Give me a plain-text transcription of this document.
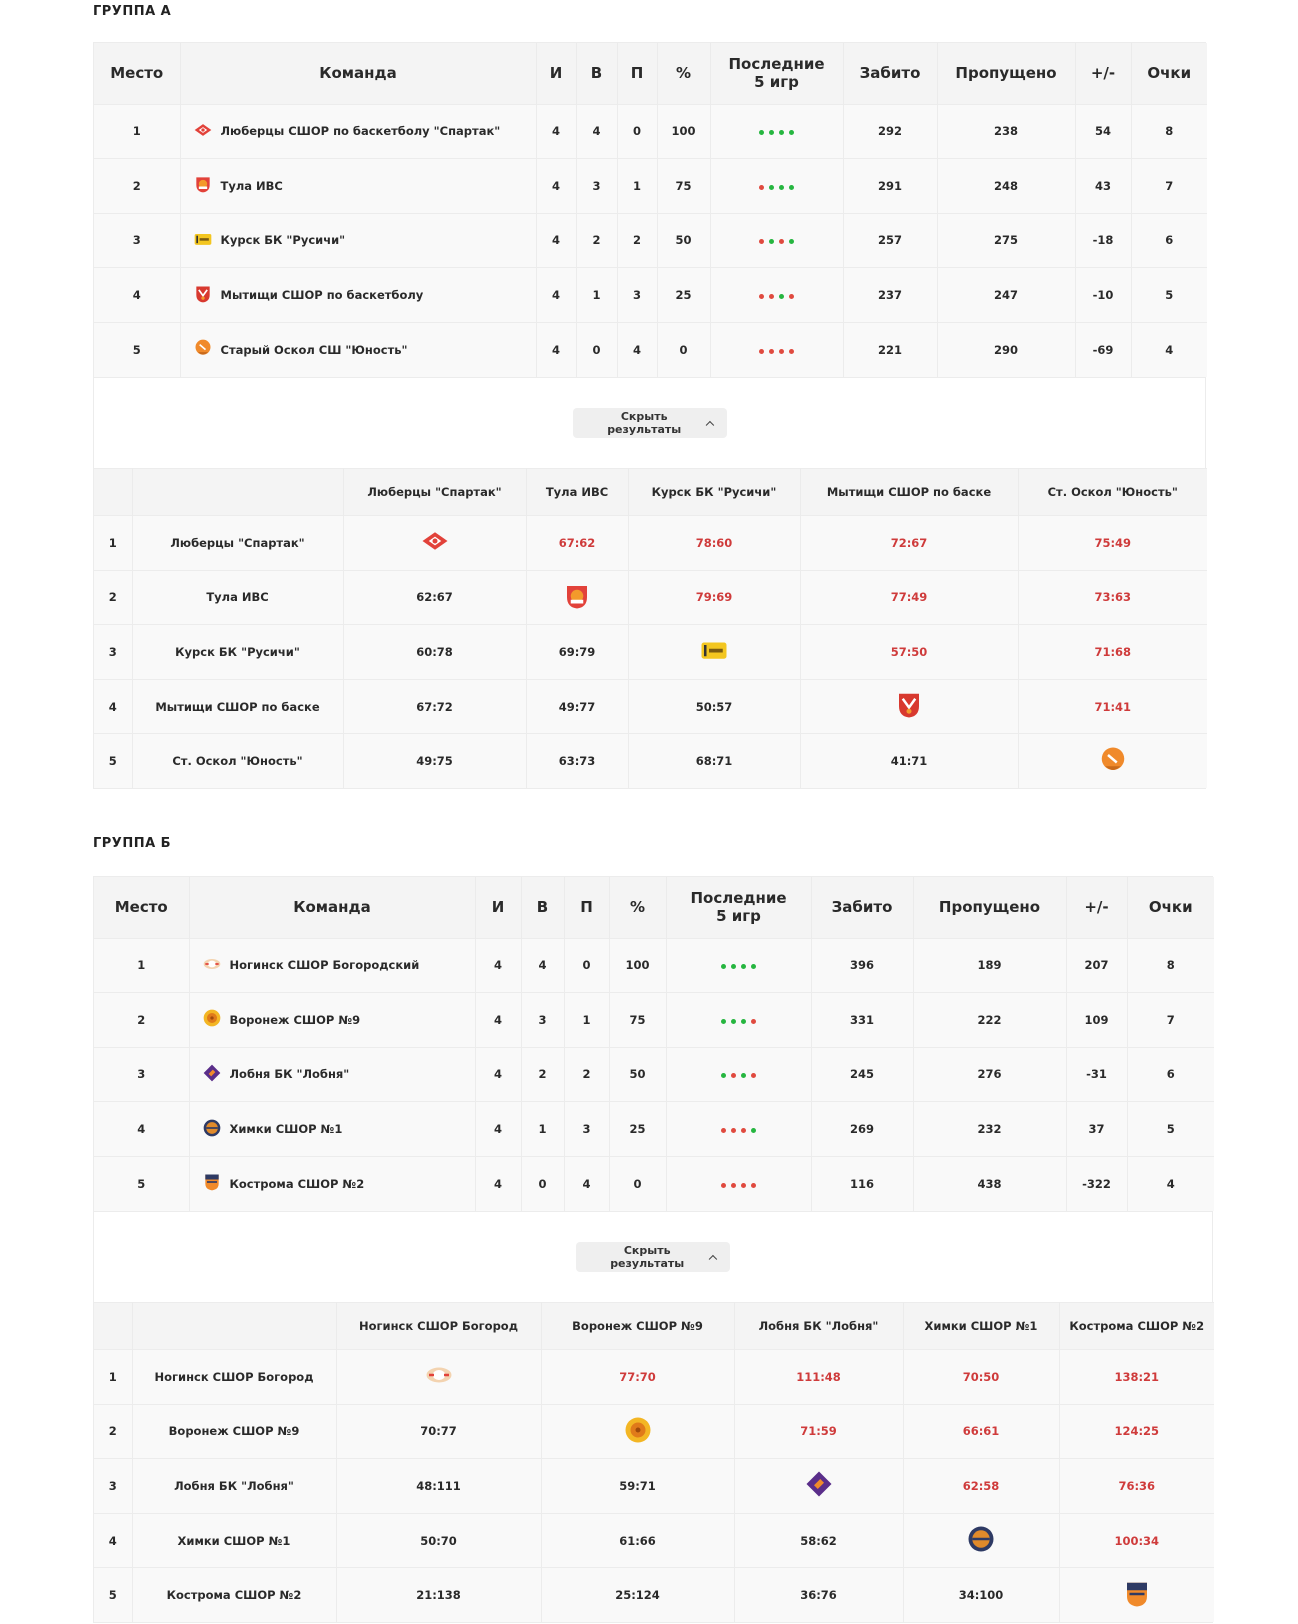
ГРУППА А
Место	Команда	И	В	П	%	Последние 5 игр	Забито	Пропущено	+/-	Очки
1	Люберцы СШОР по баскетболу "Спартак"	4	4	0	100		292	238	54	8
2	Тула ИВС	4	3	1	75		291	248	43	7
3	Курск БК "Русичи"	4	2	2	50		257	275	-18	6
4	Мытищи СШОР по баскетболу	4	1	3	25		237	247	-10	5
5	Старый Оскол СШ "Юность"	4	0	4	0		221	290	-69	4
Скрыть результаты
		Люберцы "Спартак"	Тула ИВС	Курск БК "Русичи"	Мытищи СШОР по баске	Ст. Оскол "Юность"
1	Люберцы "Спартак"		67:62	78:60	72:67	75:49
2	Тула ИВС	62:67		79:69	77:49	73:63
3	Курск БК "Русичи"	60:78	69:79		57:50	71:68
4	Мытищи СШОР по баске	67:72	49:77	50:57		71:41
5	Ст. Оскол "Юность"	49:75	63:73	68:71	41:71	
ГРУППА Б
Место	Команда	И	В	П	%	Последние 5 игр	Забито	Пропущено	+/-	Очки
1	Ногинск СШОР Богородский	4	4	0	100		396	189	207	8
2	Воронеж СШОР №9	4	3	1	75		331	222	109	7
3	Лобня БК "Лобня"	4	2	2	50		245	276	-31	6
4	Химки СШОР №1	4	1	3	25		269	232	37	5
5	Кострома СШОР №2	4	0	4	0		116	438	-322	4
Скрыть результаты
		Ногинск СШОР Богород	Воронеж СШОР №9	Лобня БК "Лобня"	Химки СШОР №1	Кострома СШОР №2
1	Ногинск СШОР Богород		77:70	111:48	70:50	138:21
2	Воронеж СШОР №9	70:77		71:59	66:61	124:25
3	Лобня БК "Лобня"	48:111	59:71		62:58	76:36
4	Химки СШОР №1	50:70	61:66	58:62		100:34
5	Кострома СШОР №2	21:138	25:124	36:76	34:100	
